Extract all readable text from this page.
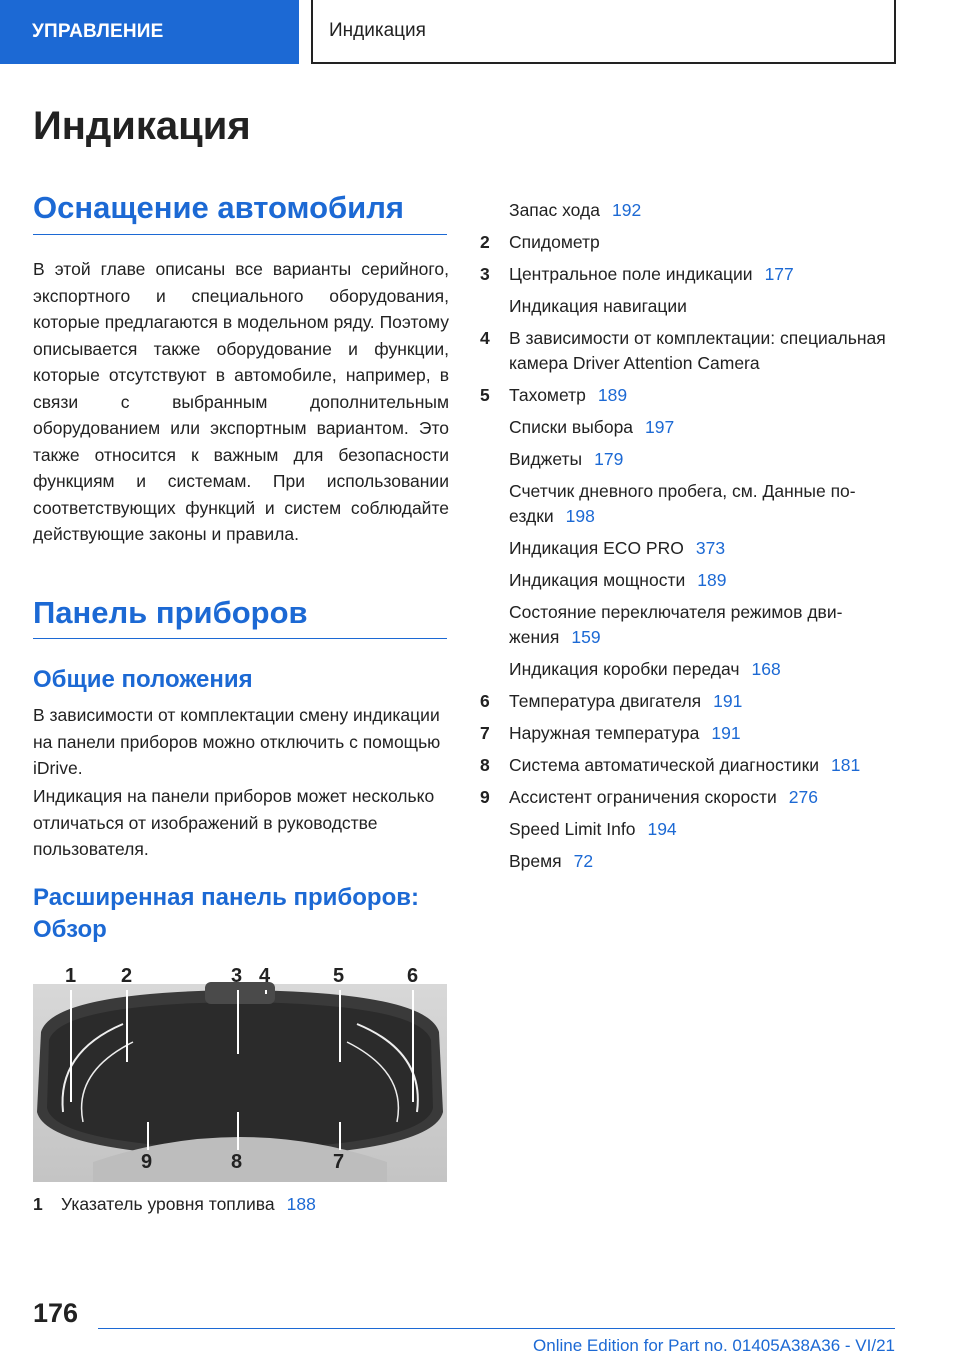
УПРАВЛЕНИЕ	Индикация
Индикация
Оснащение автомобиля

В этой главе описаны все варианты серийного, экспортного и специального оборудования, которые предлагаются в модельном ряду. Поэтому описывается также оборудование и функции, которые отсутствуют в автомобиле, например, в связи с выбранным дополнительным оборудованием или экспортным вариантом. Это также относится к важным для безопасности функциям и системам. При использовании соответствующих функций и систем соблюдайте действующие законы и правила.

Панель приборов
Общие положения

В зависимости от комплектации смену индикации на панели приборов можно отключить с помощью iDrive.

Индикация на панели приборов может несколько отличаться от изображений в руководстве пользователя.

Расширенная панель приборов: Обзор
1 2	3 4	5	6
9	8	7
1	Указатель уровня топлива 188
Запас хода 192
2	Спидометр
3	Центральное поле индикации 177
Индикация навигации
4	В зависимости от комплектации: специальная камера Driver Attention Camera
5	Тахометр 189
Списки выбора 197
Виджеты 179
Счетчик дневного пробега, см. Данные поездки 198
Индикация ECO PRO 373
Индикация мощности 189
Состояние переключателя режимов движения 159
Индикация коробки передач 168
6	Температура двигателя 191
7	Наружная температура 191
8	Система автоматической диагностики 181
9	Ассистент ограничения скорости 276
Speed Limit Info 194
Время 72
176
Online Edition for Part no. 01405A38A36 - VI/21
